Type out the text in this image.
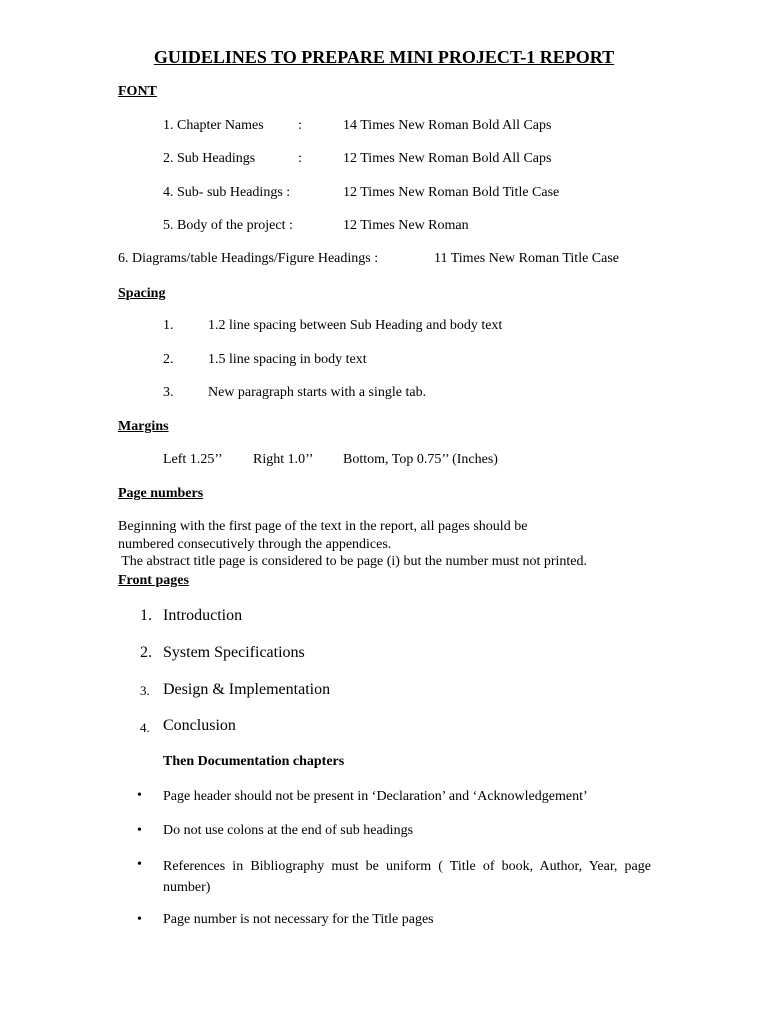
GUIDELINES TO PREPARE MINI PROJECT-1 REPORT
FONT
1. Chapter Names :	14 Times New Roman Bold All Caps
2. Sub Headings	:	12 Times New Roman Bold All Caps
4. Sub- sub Headings :	12 Times New Roman Bold Title Case
5. Body of the project :	12 Times New Roman
6. Diagrams/table Headings/Figure Headings :	11 Times New Roman Title Case
Spacing
1. 1.2 line spacing between Sub Heading and body text
2. 1.5 line spacing in body text
3. New paragraph starts with a single tab.
Margins
Left 1.25’’ Right 1.0’’ Bottom, Top 0.75’’ (Inches)
Page numbers
Beginning with the first page of the text in the report, all pages should be
numbered consecutively through the appendices.
The abstract title page is considered to be page (i) but the number must not printed.
Front pages
1. Introduction
2. System Specifications
3. Design & Implementation
4. Conclusion
Then Documentation chapters
• Page header should not be present in ‘Declaration’ and ‘Acknowledgement’
• Do not use colons at the end of sub headings
• References in Bibliography must be uniform ( Title of book, Author, Year, page number)
• Page number is not necessary for the Title pages
